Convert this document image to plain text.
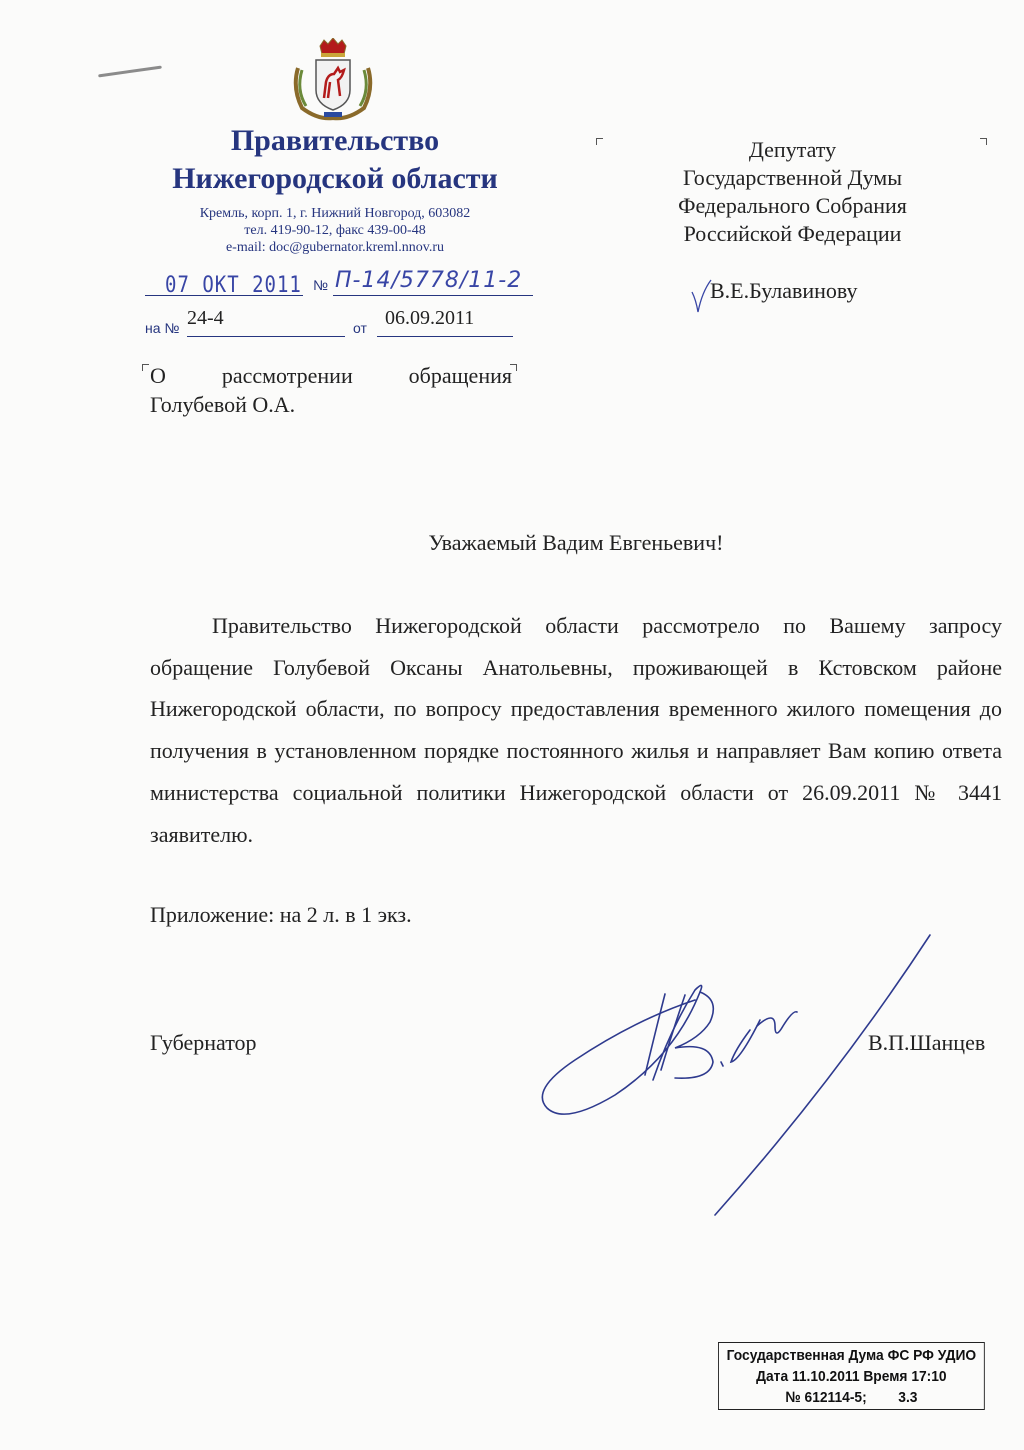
Правительство
Нижегородской области
Кремль, корп. 1, г. Нижний Новгород, 603082
тел. 419-90-12, факс 439-00-48
e-mail: doc@gubernator.kreml.nnov.ru
07 ОКТ 2011 № П-14/5778/11-2
на № 24-4	от 06.09.2011
О рассмотрении обращения
Голубевой О.А.
Депутату
Государственной Думы
Федерального Собрания
Российской Федерации
В.Е.Булавинову
Уважаемый Вадим Евгеньевич!
Правительство Нижегородской области рассмотрело по Вашему запросу обращение Голубевой Оксаны Анатольевны, проживающей в Кстовском районе Нижегородской области, по вопросу предоставления временного жилого помещения до получения в установленном порядке постоянного жилья и направляет Вам копию ответа министерства социальной политики Нижегородской области от 26.09.2011 № 3441 заявителю.
Приложение: на 2 л. в 1 экз.
Губернатор	В.П.Шанцев
Государственная Дума ФС РФ УДИО
Дата 11.10.2011 Время 17:10
№ 612114-5; 3.3
